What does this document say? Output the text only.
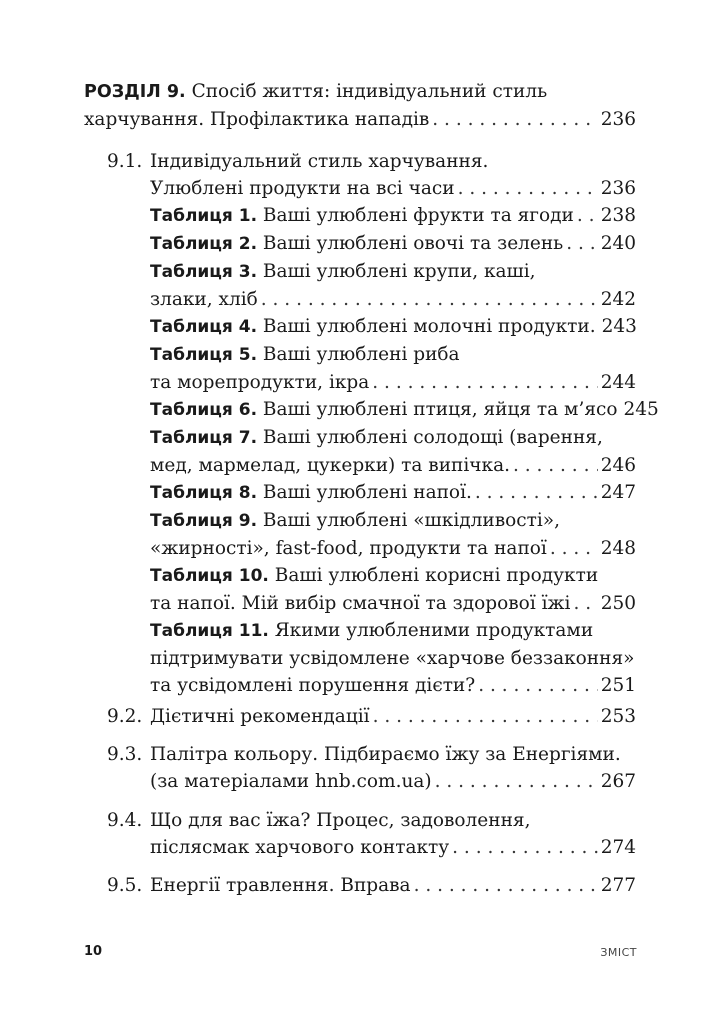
РОЗДІЛ 9. Спосіб життя: індивідуальний стиль
харчування. Профілактика нападів . . .	236
9.1. Індивідуальний стиль харчування.
Улюблені продукти на всі часи . . .	236
Таблиця 1. Ваші улюблені фрукти та ягоди . . . 238
Таблиця 2. Ваші улюблені овочі та зелень . . . 240
Таблиця 3. Ваші улюблені крупи, каші,
злаки, хліб . . .	242
Таблиця 4. Ваші улюблені молочні продукти. 243
Таблиця 5. Ваші улюблені риба
та морепродукти, ікра . . .	244
Таблиця 6. Ваші улюблені птиця, яйця та м’ясо 245
Таблиця 7. Ваші улюблені солодощі (варення,
мед, мармелад, цукерки) та випічка. . . .	246
Таблиця 8. Ваші улюблені напої. . . .	247
Таблиця 9. Ваші улюблені «шкідливості»,
«жирності», fast-food, продукти та напої . . .	248
Таблиця 10. Ваші улюблені корисні продукти
та напої. Мій вибір смачної та здорової їжі . . . 250
Таблиця 11. Якими улюбленими продуктами
підтримувати усвідомлене «харчове беззаконня»
та усвідомлені порушення дієти? . . .	251
9.2. Дієтичні рекомендації . . .	253
9.3. Палітра кольору. Підбираємо їжу за Енергіями.
(за матеріалами hnb.com.ua) . . .	267
9.4. Що для вас їжа? Процес, задоволення,
післясмак харчового контакту . . .	274
9.5. Енергії травлення. Вправа . . .	277
10	ЗМІСТ
